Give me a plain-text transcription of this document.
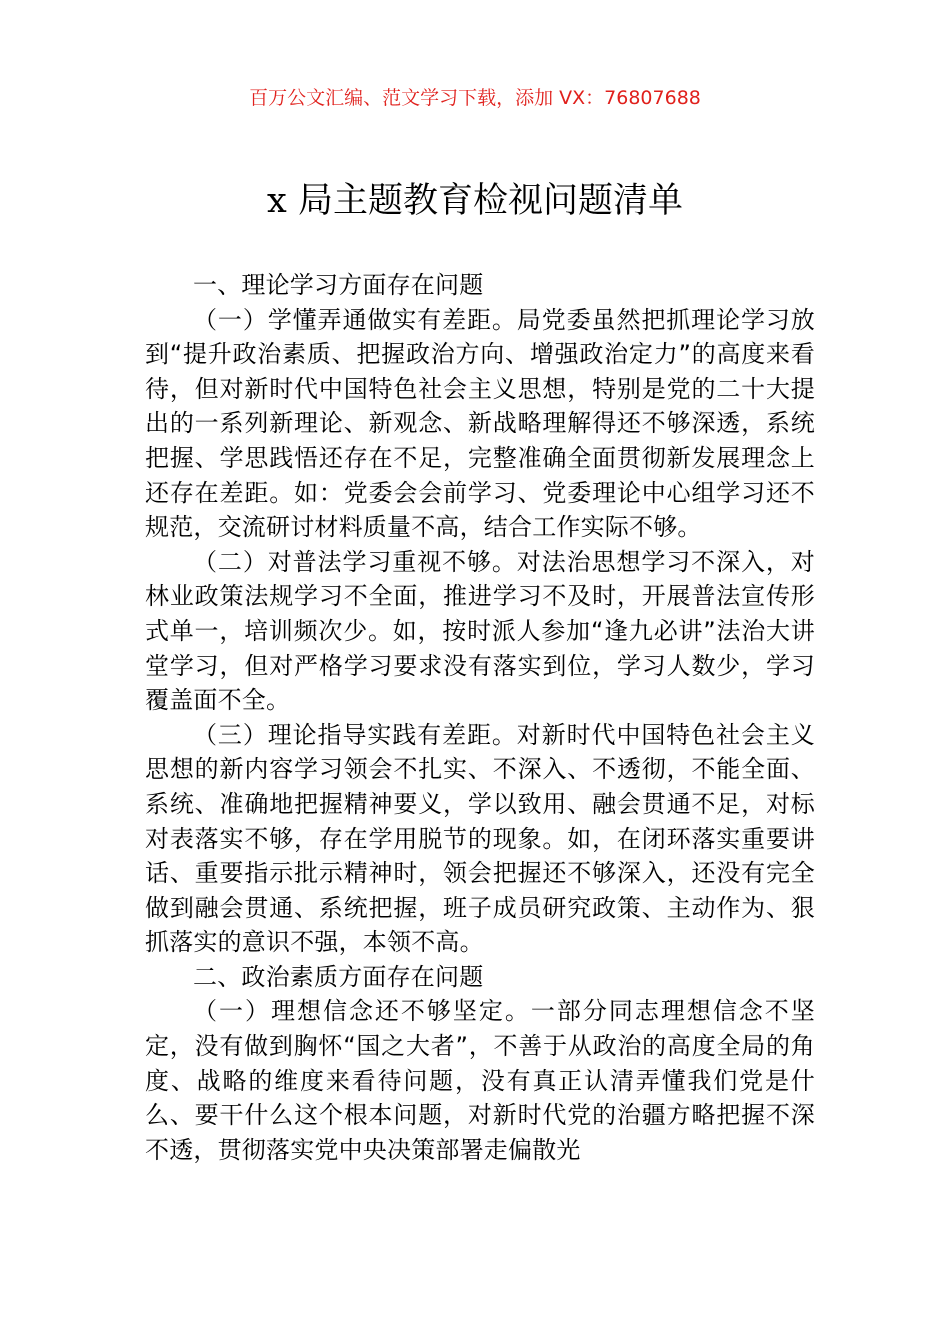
百万公文汇编、范文学习下载，添加 VX：76807688
x 局主题教育检视问题清单

一、理论学习方面存在问题

（一）学懂弄通做实有差距。局党委虽然把抓理论学习放到“提升政治素质、把握政治方向、增强政治定力”的高度来看待，但对新时代中国特色社会主义思想，特别是党的二十大提出的一系列新理论、新观念、新战略理解得还不够深透，系统把握、学思践悟还存在不足，完整准确全面贯彻新发展理念上还存在差距。如：党委会会前学习、党委理论中心组学习还不规范，交流研讨材料质量不高，结合工作实际不够。

（二）对普法学习重视不够。对法治思想学习不深入，对林业政策法规学习不全面，推进学习不及时，开展普法宣传形式单一，培训频次少。如，按时派人参加“逢九必讲”法治大讲堂学习，但对严格学习要求没有落实到位，学习人数少，学习覆盖面不全。

（三）理论指导实践有差距。对新时代中国特色社会主义思想的新内容学习领会不扎实、不深入、不透彻，不能全面、系统、准确地把握精神要义，学以致用、融会贯通不足，对标对表落实不够，存在学用脱节的现象。如，在闭环落实重要讲话、重要指示批示精神时，领会把握还不够深入，还没有完全做到融会贯通、系统把握，班子成员研究政策、主动作为、狠抓落实的意识不强，本领不高。

二、政治素质方面存在问题

（一）理想信念还不够坚定。一部分同志理想信念不坚定，没有做到胸怀“国之大者”，不善于从政治的高度全局的角度、战略的维度来看待问题，没有真正认清弄懂我们党是什么、要干什么这个根本问题，对新时代党的治疆方略把握不深不透，贯彻落实党中央决策部署走偏散光
